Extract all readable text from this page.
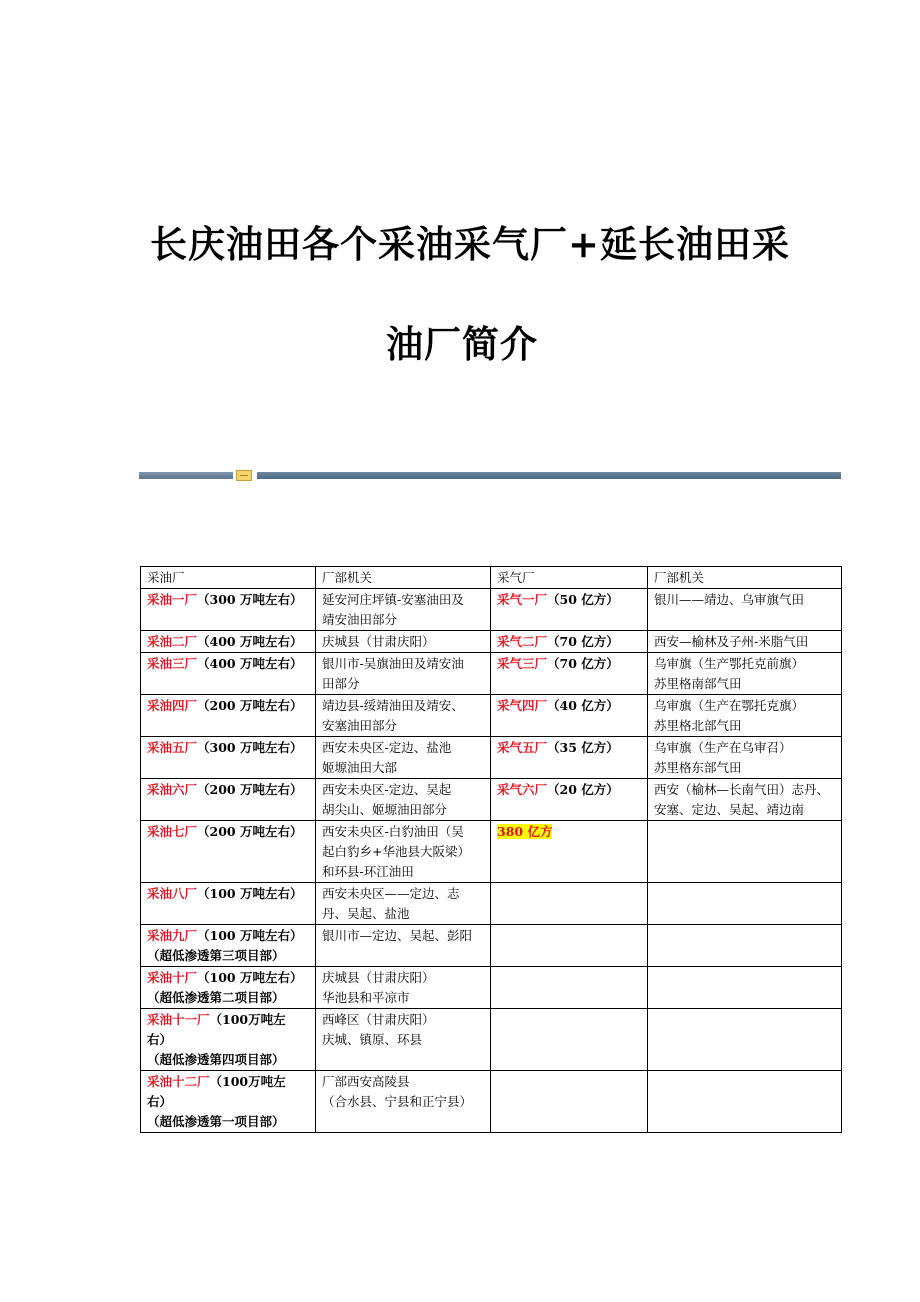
长庆油田各个采油采气厂+延长油田采
油厂简介
采油厂	厂部机关	采气厂	厂部机关
采油一厂（300 万吨左右）	延安河庄坪镇-安塞油田及
靖安油田部分	采气一厂（50 亿方）	银川——靖边、乌审旗气田
采油二厂（400 万吨左右）	庆城县（甘肃庆阳）	采气二厂（70 亿方）	西安—榆林及子州-米脂气田
采油三厂（400 万吨左右）	银川市-吴旗油田及靖安油
田部分	采气三厂（70 亿方）	乌审旗（生产鄂托克前旗）
苏里格南部气田
采油四厂（200 万吨左右）	靖边县-绥靖油田及靖安、
安塞油田部分	采气四厂（40 亿方）	乌审旗（生产在鄂托克旗）
苏里格北部气田
采油五厂（300 万吨左右）	西安未央区-定边、盐池
姬塬油田大部	采气五厂（35 亿方）	乌审旗（生产在乌审召）
苏里格东部气田
采油六厂（200 万吨左右）	西安未央区-定边、吴起
胡尖山、姬塬油田部分	采气六厂（20 亿方）	西安（榆林—长南气田）志丹、
安塞、定边、吴起、靖边南
采油七厂（200 万吨左右）	西安未央区-白豹油田（吴
起白豹乡+华池县大阪梁）
和环县-环江油田	380 亿方	
采油八厂（100 万吨左右）	西安未央区——定边、志
丹、吴起、盐池		
采油九厂（100 万吨左右）
（超低渗透第三项目部）	银川市—定边、吴起、彭阳		
采油十厂（100 万吨左右）
（超低渗透第二项目部）	庆城县（甘肃庆阳）
华池县和平凉市		
采油十一厂（100万吨左右）
（超低渗透第四项目部）	西峰区（甘肃庆阳）
庆城、镇原、环县		
采油十二厂（100万吨左右）
（超低渗透第一项目部）	厂部西安高陵县
（合水县、宁县和正宁县）		
